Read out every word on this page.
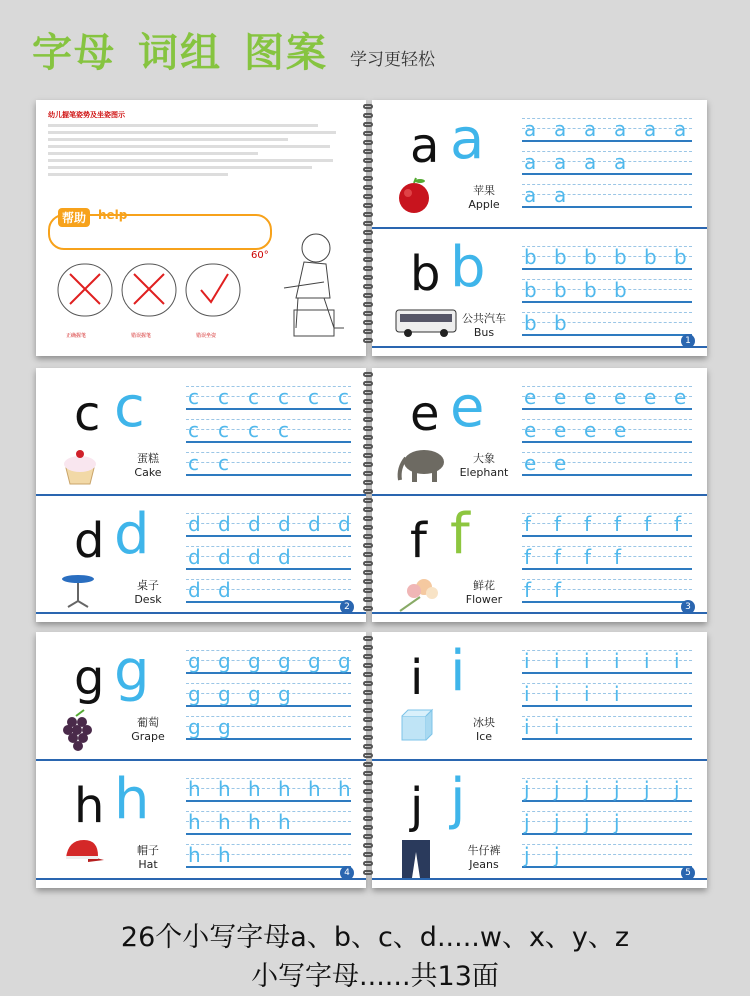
字母 词组 图案 学习更轻松
幼儿握笔姿势及坐姿图示
帮助 help
60°
正确握笔	错误握笔	错误坐姿
a a
苹果
Apple
a a a a a a
a a a a
a a
b b
公共汽车
Bus
b b b b b b
b b b b
b b
1
c c
蛋糕
Cake
c c c c c c
c c c c
c c
d d
桌子
Desk
d d d d d d
d d d d
d d
2
e e
大象
Elephant
e e e e e e
e e e e
e e
f f
鲜花
Flower
f	f	f	f	f	f
f	f	f	f
f	f
3
g g
葡萄
Grape
g g g g g g
g g g g
g g
h h
帽子
Hat
h h h h h h
h h h h
h h
4
i i
冰块
Ice
i	i	i	i	i	i
i	i	i	i
i	i
j j
牛仔裤
Jeans
j	j	j	j	j	j
j	j	j	j
j	j
5
26个小写字母a、b、c、d.....w、x、y、z
小写字母......共13面
